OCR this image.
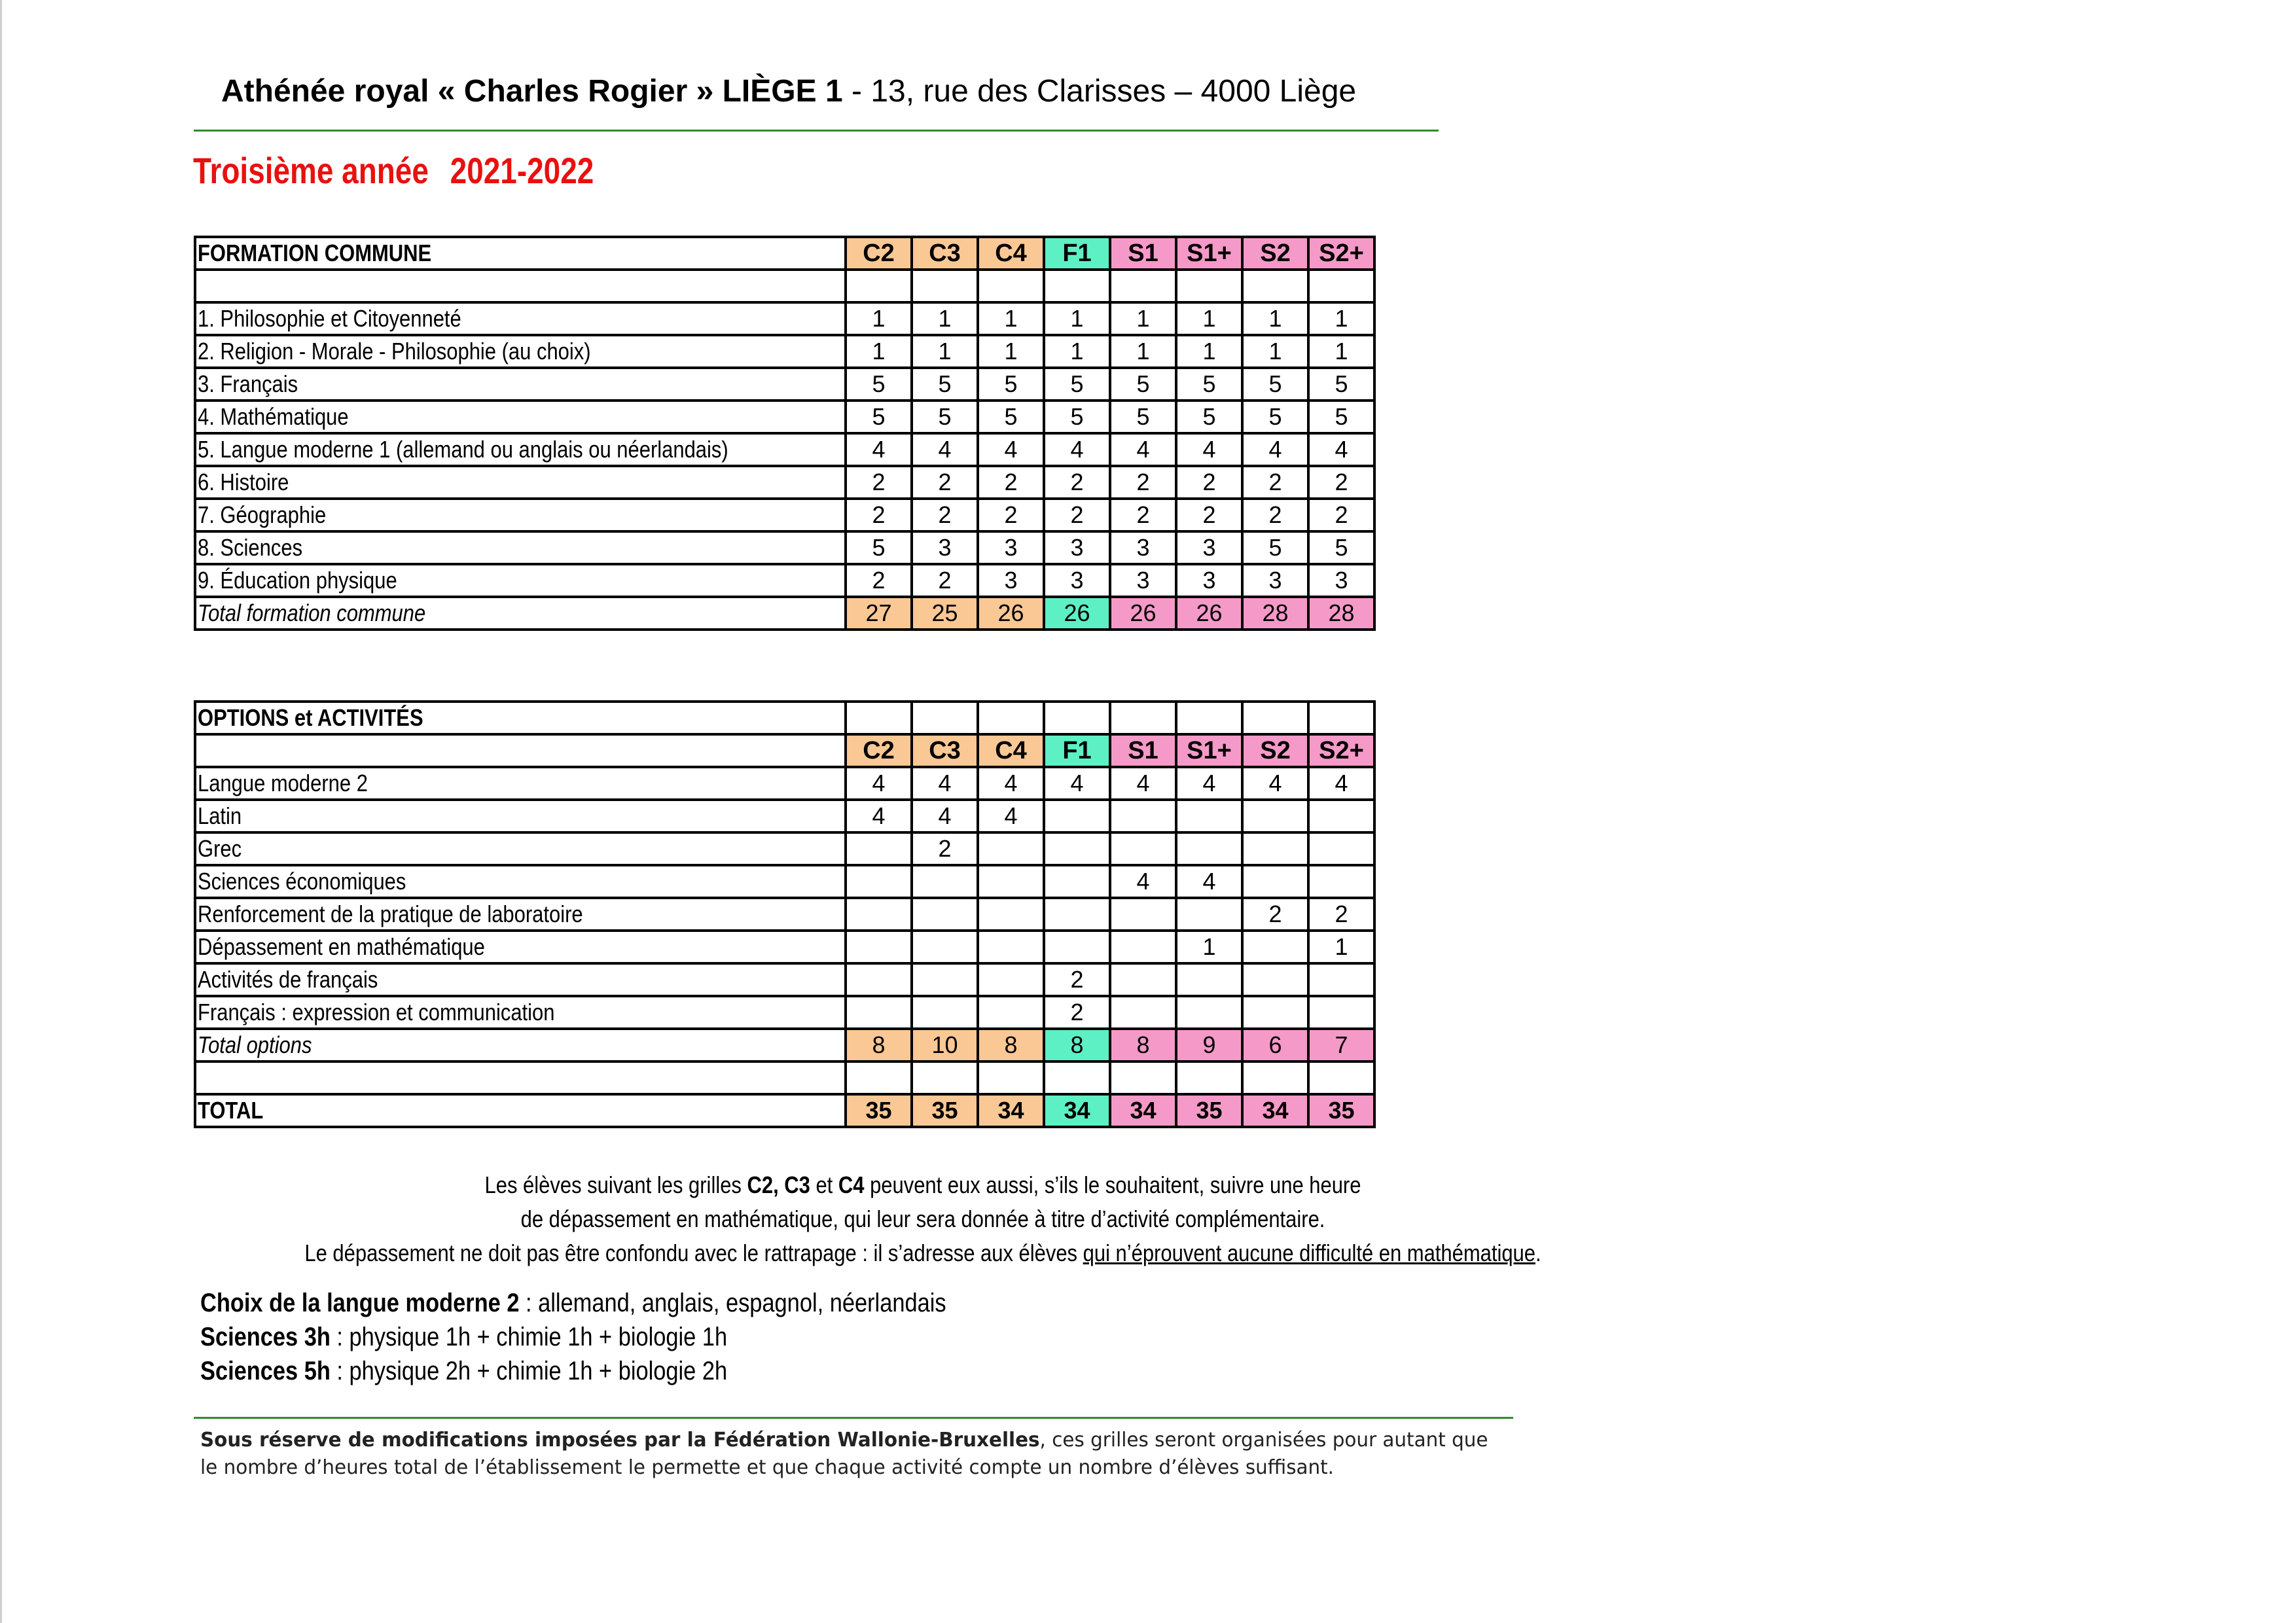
Athénée royal « Charles Rogier » LIÈGE 1 - 13, rue des Clarisses – 4000 Liège
Troisième année 2021-2022
FORMATION COMMUNE	C2	C3	C4	F1	S1	S1+	S2	S2+

1. Philosophie et Citoyenneté	1	1	1	1	1	1	1	1
2. Religion - Morale - Philosophie (au choix)	1	1	1	1	1	1	1	1
3. Français	5	5	5	5	5	5	5	5
4. Mathématique	5	5	5	5	5	5	5	5
5. Langue moderne 1 (allemand ou anglais ou néerlandais)	4	4	4	4	4	4	4	4
6. Histoire	2	2	2	2	2	2	2	2
7. Géographie	2	2	2	2	2	2	2	2
8. Sciences	5	3	3	3	3	3	5	5
9. Éducation physique	2	2	3	3	3	3	3	3
Total formation commune	27	25	26	26	26	26	28	28
OPTIONS et ACTIVITÉS								
	C2	C3	C4	F1	S1	S1+	S2	S2+
Langue moderne 2	4	4	4	4	4	4	4	4
Latin	4	4	4					
Grec		2						
Sciences économiques					4	4		
Renforcement de la pratique de laboratoire							2	2
Dépassement en mathématique						1		1
Activités de français				2				
Français : expression et communication				2				
Total options	8	10	8	8	8	9	6	7

TOTAL	35	35	34	34	34	35	34	35
Les élèves suivant les grilles C2, C3 et C4 peuvent eux aussi, s’ils le souhaitent, suivre une heure
de dépassement en mathématique, qui leur sera donnée à titre d’activité complémentaire.
Le dépassement ne doit pas être confondu avec le rattrapage : il s’adresse aux élèves qui n’éprouvent aucune difficulté en mathématique.
Choix de la langue moderne 2 : allemand, anglais, espagnol, néerlandais
Sciences 3h : physique 1h + chimie 1h + biologie 1h
Sciences 5h : physique 2h + chimie 1h + biologie 2h
Sous réserve de modifications imposées par la Fédération Wallonie-Bruxelles, ces grilles seront organisées pour autant que
le nombre d’heures total de l’établissement le permette et que chaque activité compte un nombre d’élèves suffisant.
